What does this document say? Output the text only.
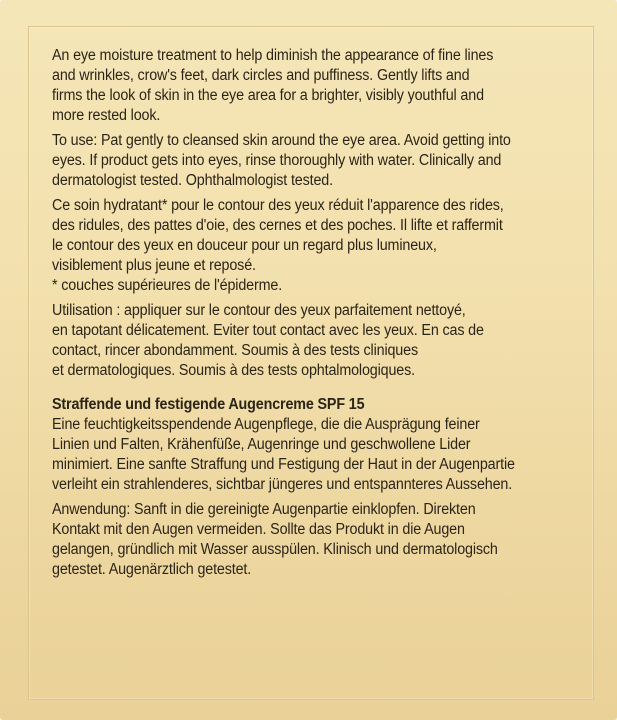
An eye moisture treatment to help diminish the appearance of fine lines
and wrinkles, crow's feet, dark circles and puffiness. Gently lifts and
firms the look of skin in the eye area for a brighter, visibly youthful and
more rested look.

To use: Pat gently to cleansed skin around the eye area. Avoid getting into
eyes. If product gets into eyes, rinse thoroughly with water. Clinically and
dermatologist tested. Ophthalmologist tested.

Ce soin hydratant* pour le contour des yeux réduit l'apparence des rides,
des ridules, des pattes d'oie, des cernes et des poches. Il lifte et raffermit
le contour des yeux en douceur pour un regard plus lumineux,
visiblement plus jeune et reposé.
* couches supérieures de l'épiderme.

Utilisation : appliquer sur le contour des yeux parfaitement nettoyé,
en tapotant délicatement. Eviter tout contact avec les yeux. En cas de
contact, rincer abondamment. Soumis à des tests cliniques
et dermatologiques. Soumis à des tests ophtalmologiques.

Straffende und festigende Augencreme SPF 15
Eine feuchtigkeitsspendende Augenpflege, die die Ausprägung feiner
Linien und Falten, Krähenfüße, Augenringe und geschwollene Lider
minimiert. Eine sanfte Straffung und Festigung der Haut in der Augenpartie
verleiht ein strahlenderes, sichtbar jüngeres und entspannteres Aussehen.

Anwendung: Sanft in die gereinigte Augenpartie einklopfen. Direkten
Kontakt mit den Augen vermeiden. Sollte das Produkt in die Augen
gelangen, gründlich mit Wasser ausspülen. Klinisch und dermatologisch
getestet. Augenärztlich getestet.
